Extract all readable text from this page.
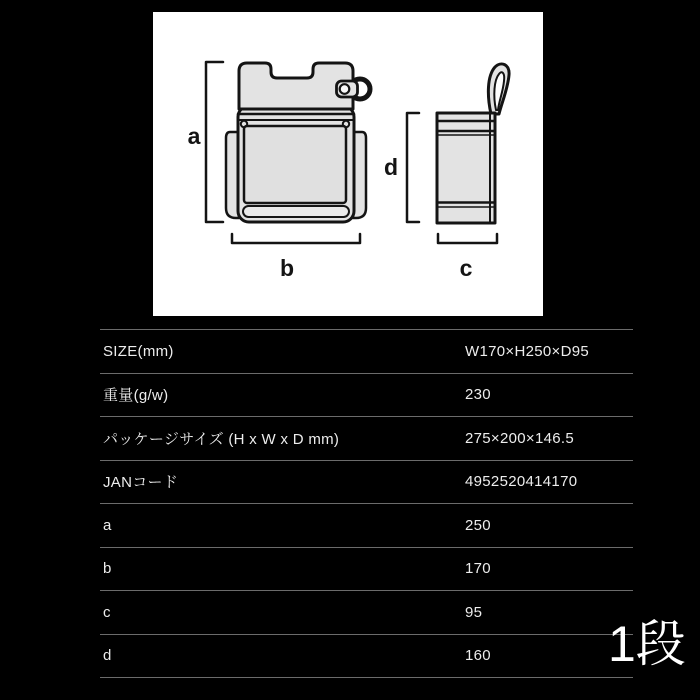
a
b	c
d
SIZE(mm)	W170×H250×D95
重量(g/w)	230
パッケージサイズ (H x W x D mm)	275×200×146.5
JANコード	4952520414170
a	250
b	170
c	95
d	160 1段
